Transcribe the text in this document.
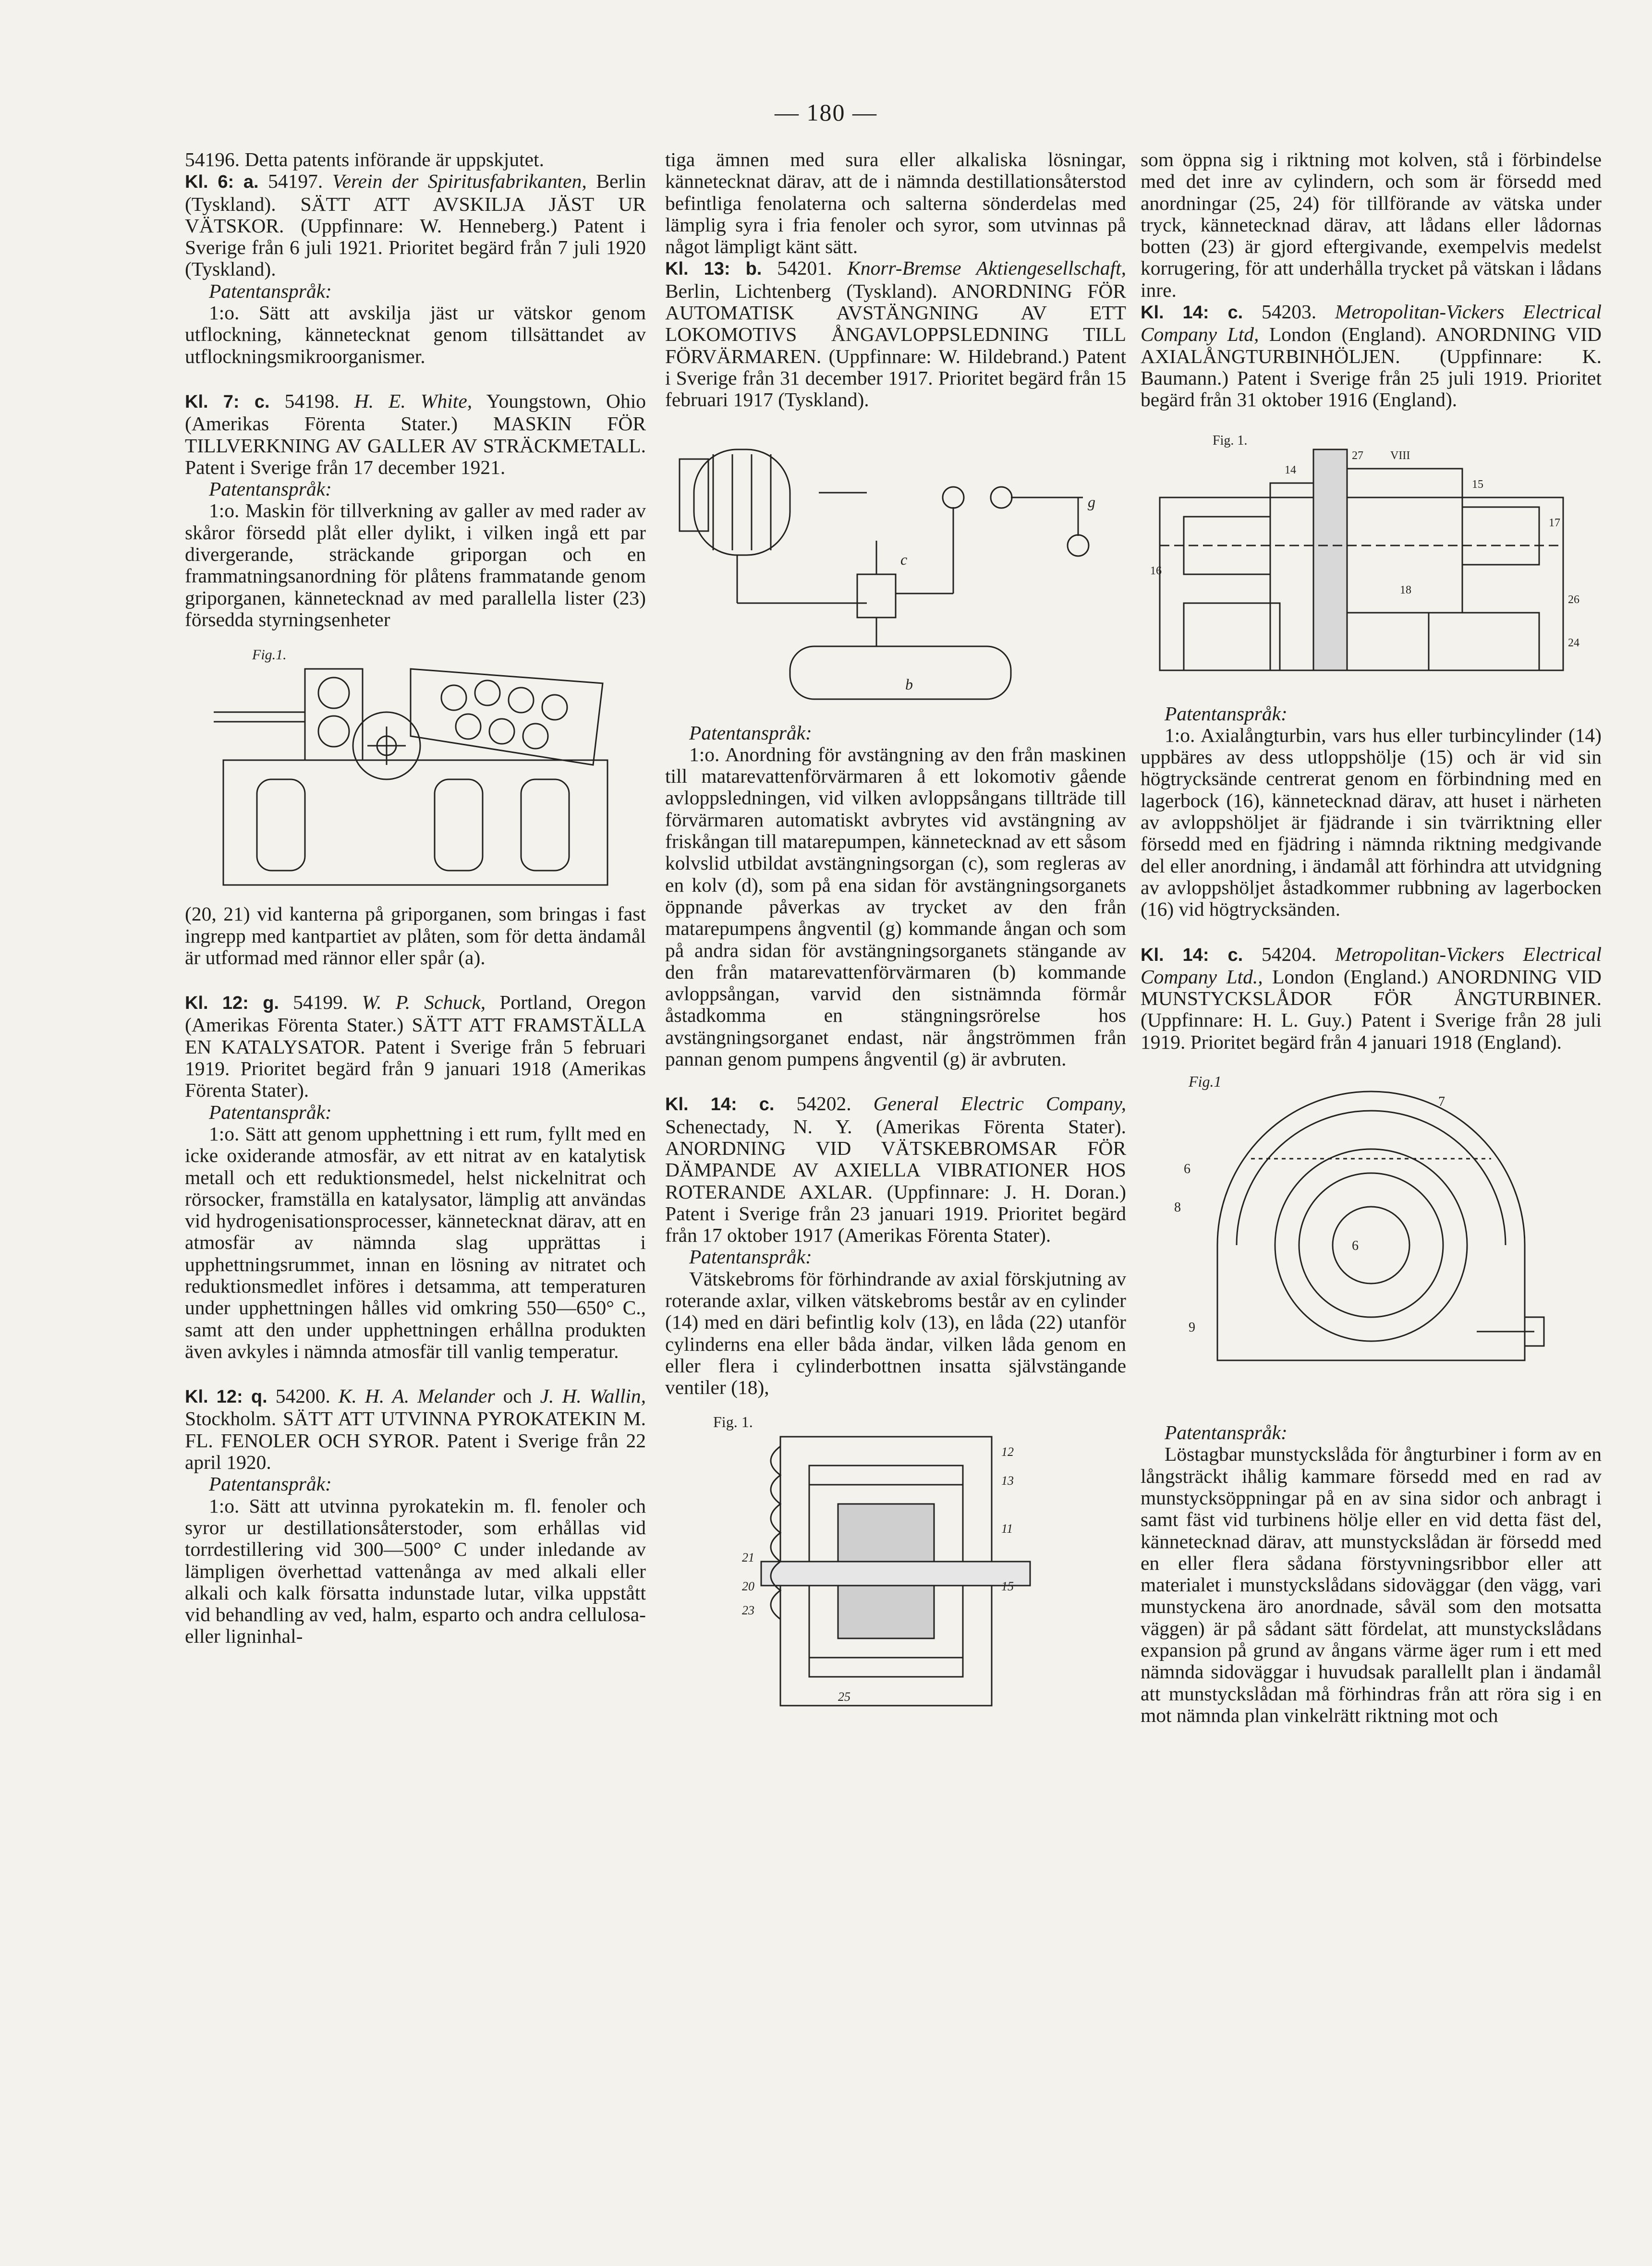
— 180 —

54196. Detta patents införande är uppskjutet.

Kl. 6: a. 54197. Verein der Spiritusfabrikanten, Berlin (Tyskland). SÄTT ATT AVSKILJA JÄST UR VÄTSKOR. (Uppfinnare: W. Henneberg.) Patent i Sverige från 6 juli 1921. Prioritet begärd från 7 juli 1920 (Tyskland).

Patentanspråk:

1:o. Sätt att avskilja jäst ur vätskor genom utflockning, kännetecknat genom tillsättandet av utflockningsmikroorganismer.

Kl. 7: c. 54198. H. E. White, Youngstown, Ohio (Amerikas Förenta Stater.) MASKIN FÖR TILLVERKNING AV GALLER AV STRÄCKMETALL. Patent i Sverige från 17 december 1921.

Patentanspråk:

1:o. Maskin för tillverkning av galler av med rader av skåror försedd plåt eller dylikt, i vilken ingå ett par divergerande, sträckande griporgan och en frammatningsanordning för plåtens frammatande genom griporganen, kännetecknad av med parallella lister (23) försedda styrningsenheter

Fig.1.

(20, 21) vid kanterna på griporganen, som bringas i fast ingrepp med kantpartiet av plåten, som för detta ändamål är utformad med rännor eller spår (a).

Kl. 12: g. 54199. W. P. Schuck, Portland, Oregon (Amerikas Förenta Stater.) SÄTT ATT FRAMSTÄLLA EN KATALYSATOR. Patent i Sverige från 5 februari 1919. Prioritet begärd från 9 januari 1918 (Amerikas Förenta Stater).

Patentanspråk:

1:o. Sätt att genom upphettning i ett rum, fyllt med en icke oxiderande atmosfär, av ett nitrat av en katalytisk metall och ett reduktionsmedel, helst nickelnitrat och rörsocker, framställa en katalysator, lämplig att användas vid hydrogenisationsprocesser, kännetecknat därav, att en atmosfär av nämnda slag upprättas i upphettningsrummet, innan en lösning av nitratet och reduktionsmedlet införes i detsamma, att temperaturen under upphettningen hålles vid omkring 550—650° C., samt att den under upphettningen erhållna produkten även avkyles i nämnda atmosfär till vanlig temperatur.

Kl. 12: q. 54200. K. H. A. Melander och J. H. Wallin, Stockholm. SÄTT ATT UTVINNA PYROKATEKIN M. FL. FENOLER OCH SYROR. Patent i Sverige från 22 april 1920.

Patentanspråk:

1:o. Sätt att utvinna pyrokatekin m. fl. fenoler och syror ur destillationsåterstoder, som erhållas vid torrdestillering vid 300—500° C under inledande av lämpligen överhettad vattenånga av med alkali eller alkali och kalk försatta indunstade lutar, vilka uppstått vid behandling av ved, halm, esparto och andra cellulosa- eller ligninhal-

tiga ämnen med sura eller alkaliska lösningar, kännetecknat därav, att de i nämnda destillationsåterstod befintliga fenolaterna och salterna sönderdelas med lämplig syra i fria fenoler och syror, som utvinnas på något lämpligt känt sätt.

Kl. 13: b. 54201. Knorr-Bremse Aktiengesellschaft, Berlin, Lichtenberg (Tyskland). ANORDNING FÖR AUTOMATISK AVSTÄNGNING AV ETT LOKOMOTIVS ÅNGAVLOPPSLEDNING TILL FÖRVÄRMAREN. (Uppfinnare: W. Hildebrand.) Patent i Sverige från 31 december 1917. Prioritet begärd från 15 februari 1917 (Tyskland).

c
b
g

Patentanspråk:

1:o. Anordning för avstängning av den från maskinen till matarevattenförvärmaren å ett lokomotiv gående avloppsledningen, vid vilken avloppsångans tillträde till förvärmaren automatiskt avbrytes vid avstängning av friskångan till matarepumpen, kännetecknad av ett såsom kolvslid utbildat avstängningsorgan (c), som regleras av en kolv (d), som på ena sidan för avstängningsorganets öppnande påverkas av trycket av den från matarepumpens ångventil (g) kommande ångan och som på andra sidan för avstängningsorganets stängande av den från matarevattenförvärmaren (b) kommande avloppsångan, varvid den sistnämnda förmår åstadkomma en stängningsrörelse hos avstängningsorganet endast, när ångströmmen från pannan genom pumpens ångventil (g) är avbruten.

Kl. 14: c. 54202. General Electric Company, Schenectady, N. Y. (Amerikas Förenta Stater). ANORDNING VID VÄTSKEBROMSAR FÖR DÄMPANDE AV AXIELLA VIBRATIONER HOS ROTERANDE AXLAR. (Uppfinnare: J. H. Doran.) Patent i Sverige från 23 januari 1919. Prioritet begärd från 17 oktober 1917 (Amerikas Förenta Stater).

Patentanspråk:

Vätskebroms för förhindrande av axial förskjutning av roterande axlar, vilken vätskebroms består av en cylinder (14) med en däri befintlig kolv (13), en låda (22) utanför cylinderns ena eller båda ändar, vilken låda genom en eller flera i cylinderbottnen insatta självstängande ventiler (18),

Fig. 1.
21
20
23
12
13
11
15
25

som öppna sig i riktning mot kolven, stå i förbindelse med det inre av cylindern, och som är försedd med anordningar (25, 24) för tillförande av vätska under tryck, kännetecknad därav, att lådans eller lådornas botten (23) är gjord eftergivande, exempelvis medelst korrugering, för att underhålla trycket på vätskan i lådans inre.

Kl. 14: c. 54203. Metropolitan-Vickers Electrical Company Ltd, London (England). ANORDNING VID AXIALÅNGTURBINHÖLJEN. (Uppfinnare: K. Baumann.) Patent i Sverige från 25 juli 1919. Prioritet begärd från 31 oktober 1916 (England).

Fig. 1.
14
27 VIII
15
17
16
18
26
24

Patentanspråk:

1:o. Axialångturbin, vars hus eller turbincylinder (14) uppbäres av dess utloppshölje (15) och är vid sin högtrycksände centrerat genom en förbindning med en lagerbock (16), kännetecknad därav, att huset i närheten av avloppshöljet är fjädrande i sin tvärriktning eller försedd med en fjädring i nämnda riktning medgivande del eller anordning, i ändamål att förhindra att utvidgning av avloppshöljet åstadkommer rubbning av lagerbocken (16) vid högtrycksänden.

Kl. 14: c. 54204. Metropolitan-Vickers Electrical Company Ltd., London (England.) ANORDNING VID MUNSTYCKSLÅDOR FÖR ÅNGTURBINER. (Uppfinnare: H. L. Guy.) Patent i Sverige från 28 juli 1919. Prioritet begärd från 4 januari 1918 (England).

Fig.1
7
6
8
6
9

Patentanspråk:

Löstagbar munstyckslåda för ångturbiner i form av en långsträckt ihålig kammare försedd med en rad av munstycksöppningar på en av sina sidor och anbragt i samt fäst vid turbinens hölje eller en vid detta fäst del, kännetecknad därav, att munstyckslådan är försedd med en eller flera sådana förstyvningsribbor eller att materialet i munstyckslådans sidoväggar (den vägg, vari munstyckena äro anordnade, såväl som den motsatta väggen) är på sådant sätt fördelat, att munstyckslådans expansion på grund av ångans värme äger rum i ett med nämnda sidoväggar i huvudsak parallellt plan i ändamål att munstyckslådan må förhindras från att röra sig i en mot nämnda plan vinkelrätt riktning mot och
